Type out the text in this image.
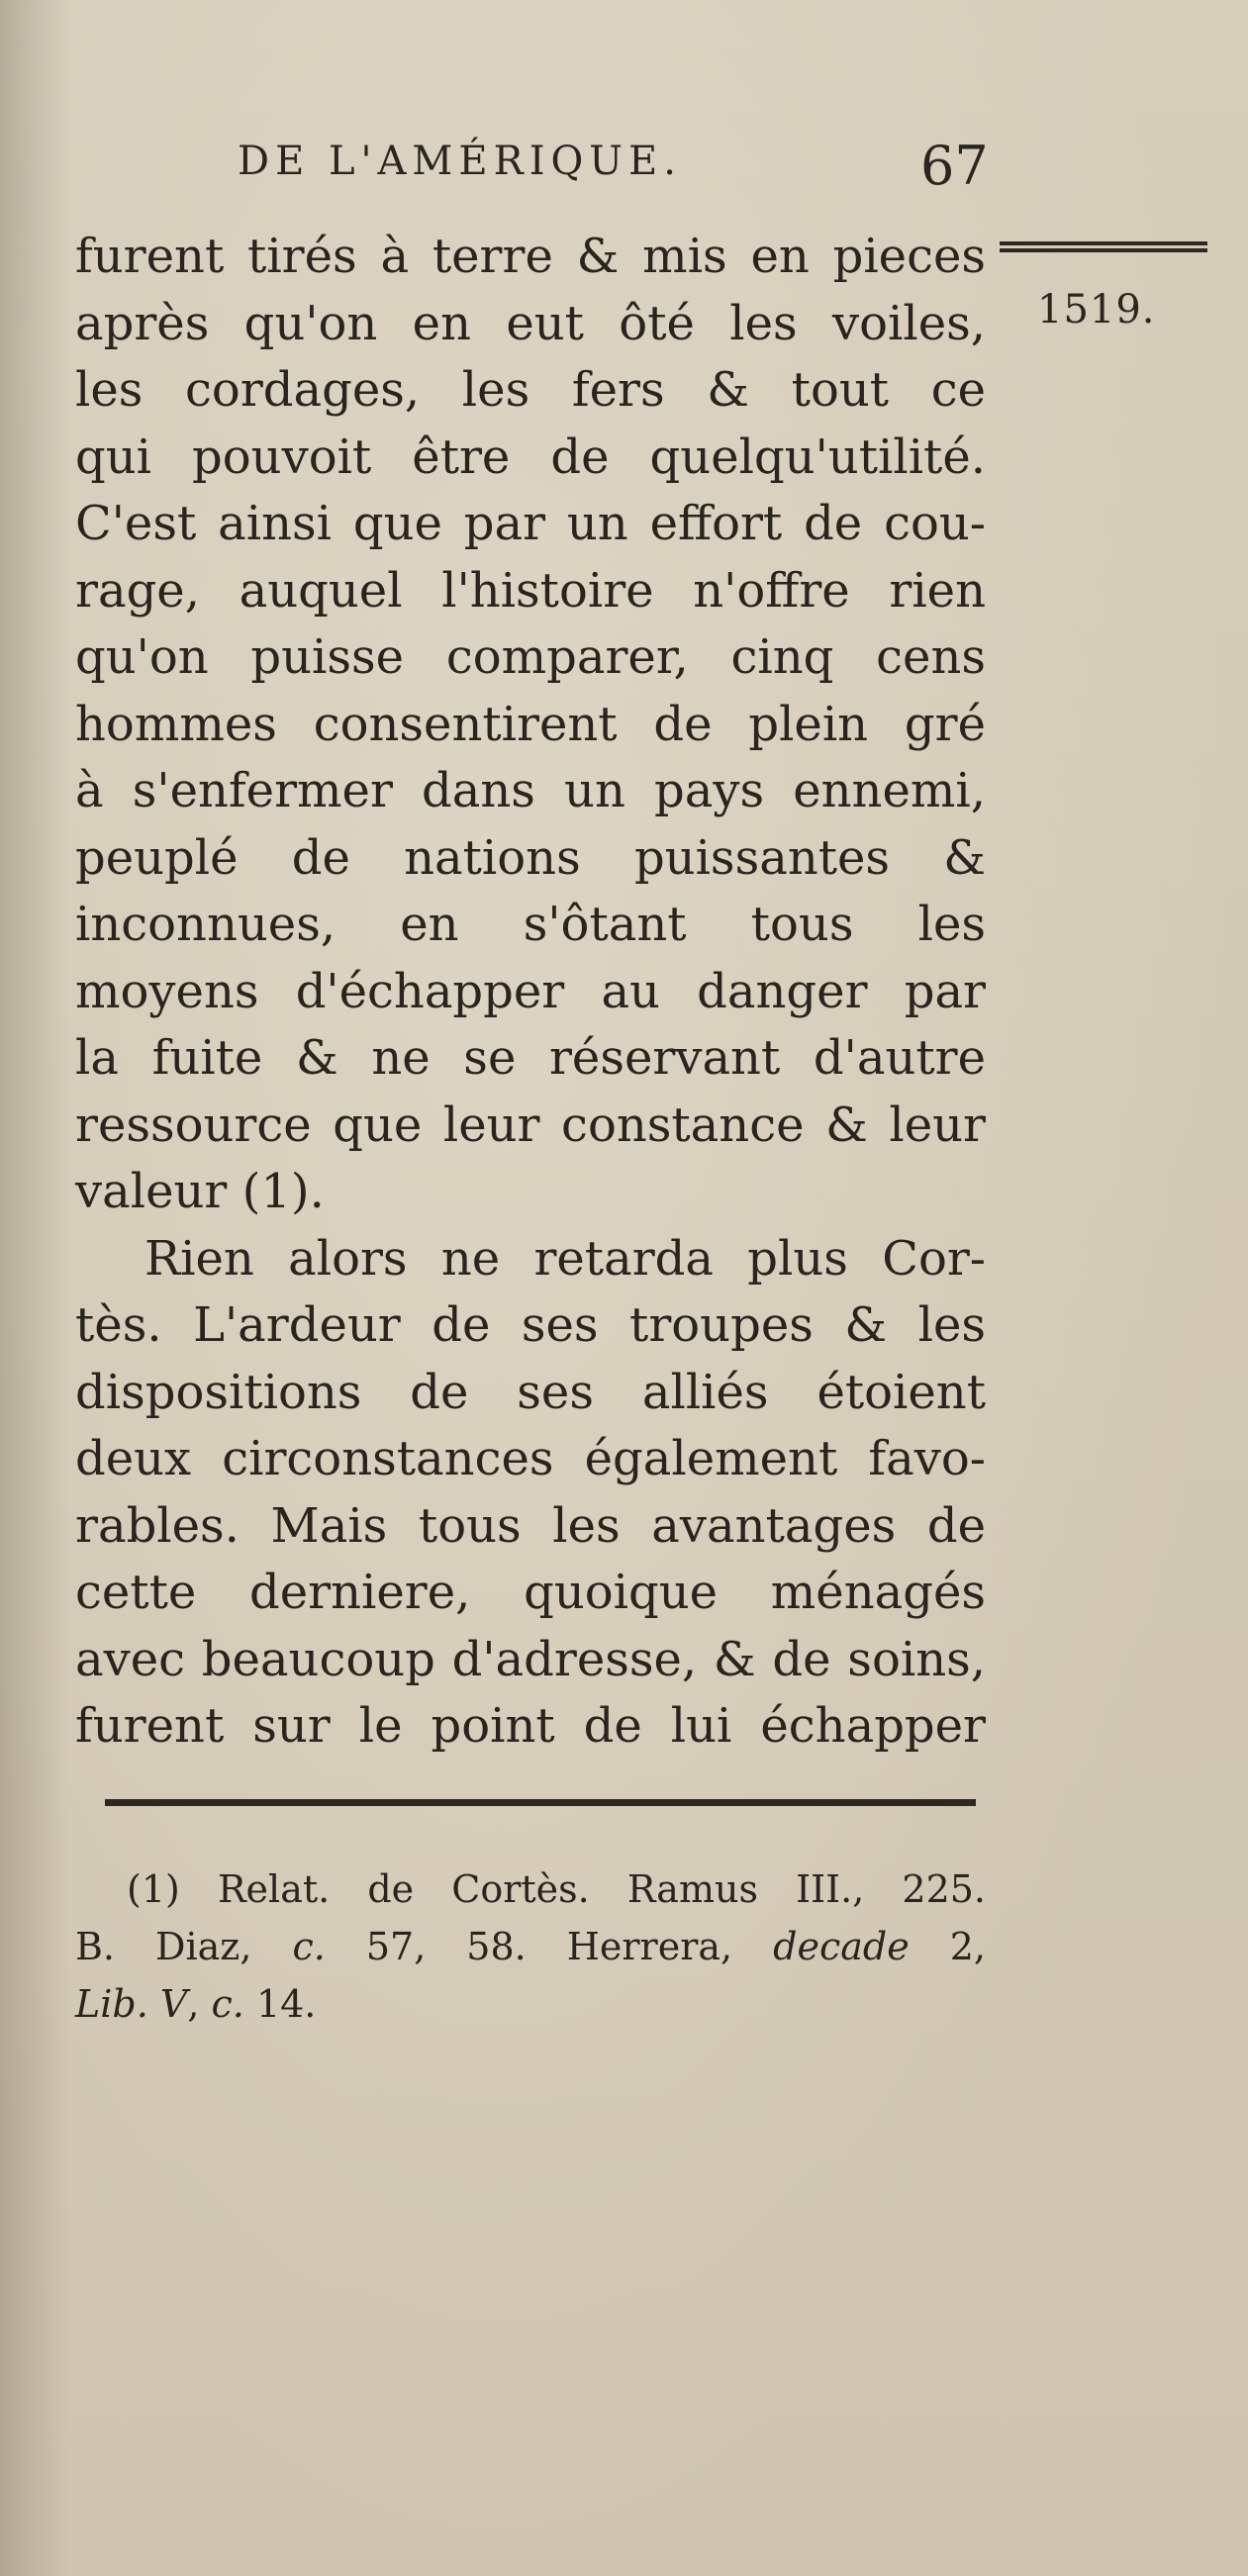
DE L'AMÉRIQUE.	67
1519.
furent tirés à terre & mis en pieces
après qu'on en eut ôté les voiles,
les cordages, les fers & tout ce
qui pouvoit être de quelqu'utilité.
C'est ainsi que par un effort de cou-
rage, auquel l'histoire n'offre rien
qu'on puisse comparer, cinq cens
hommes consentirent de plein gré
à s'enfermer dans un pays ennemi,
peuplé de nations puissantes &
inconnues, en s'ôtant tous les
moyens d'échapper au danger par
la fuite & ne se réservant d'autre
ressource que leur constance & leur
valeur (1).
Rien alors ne retarda plus Cor-
tès. L'ardeur de ses troupes & les
dispositions de ses alliés étoient
deux circonstances également favo-
rables. Mais tous les avantages de
cette derniere, quoique ménagés
avec beaucoup d'adresse, & de soins,
furent sur le point de lui échapper
(1) Relat. de Cortès. Ramus III., 225.
B. Diaz, c. 57, 58. Herrera, decade 2,
Lib. V, c. 14.
